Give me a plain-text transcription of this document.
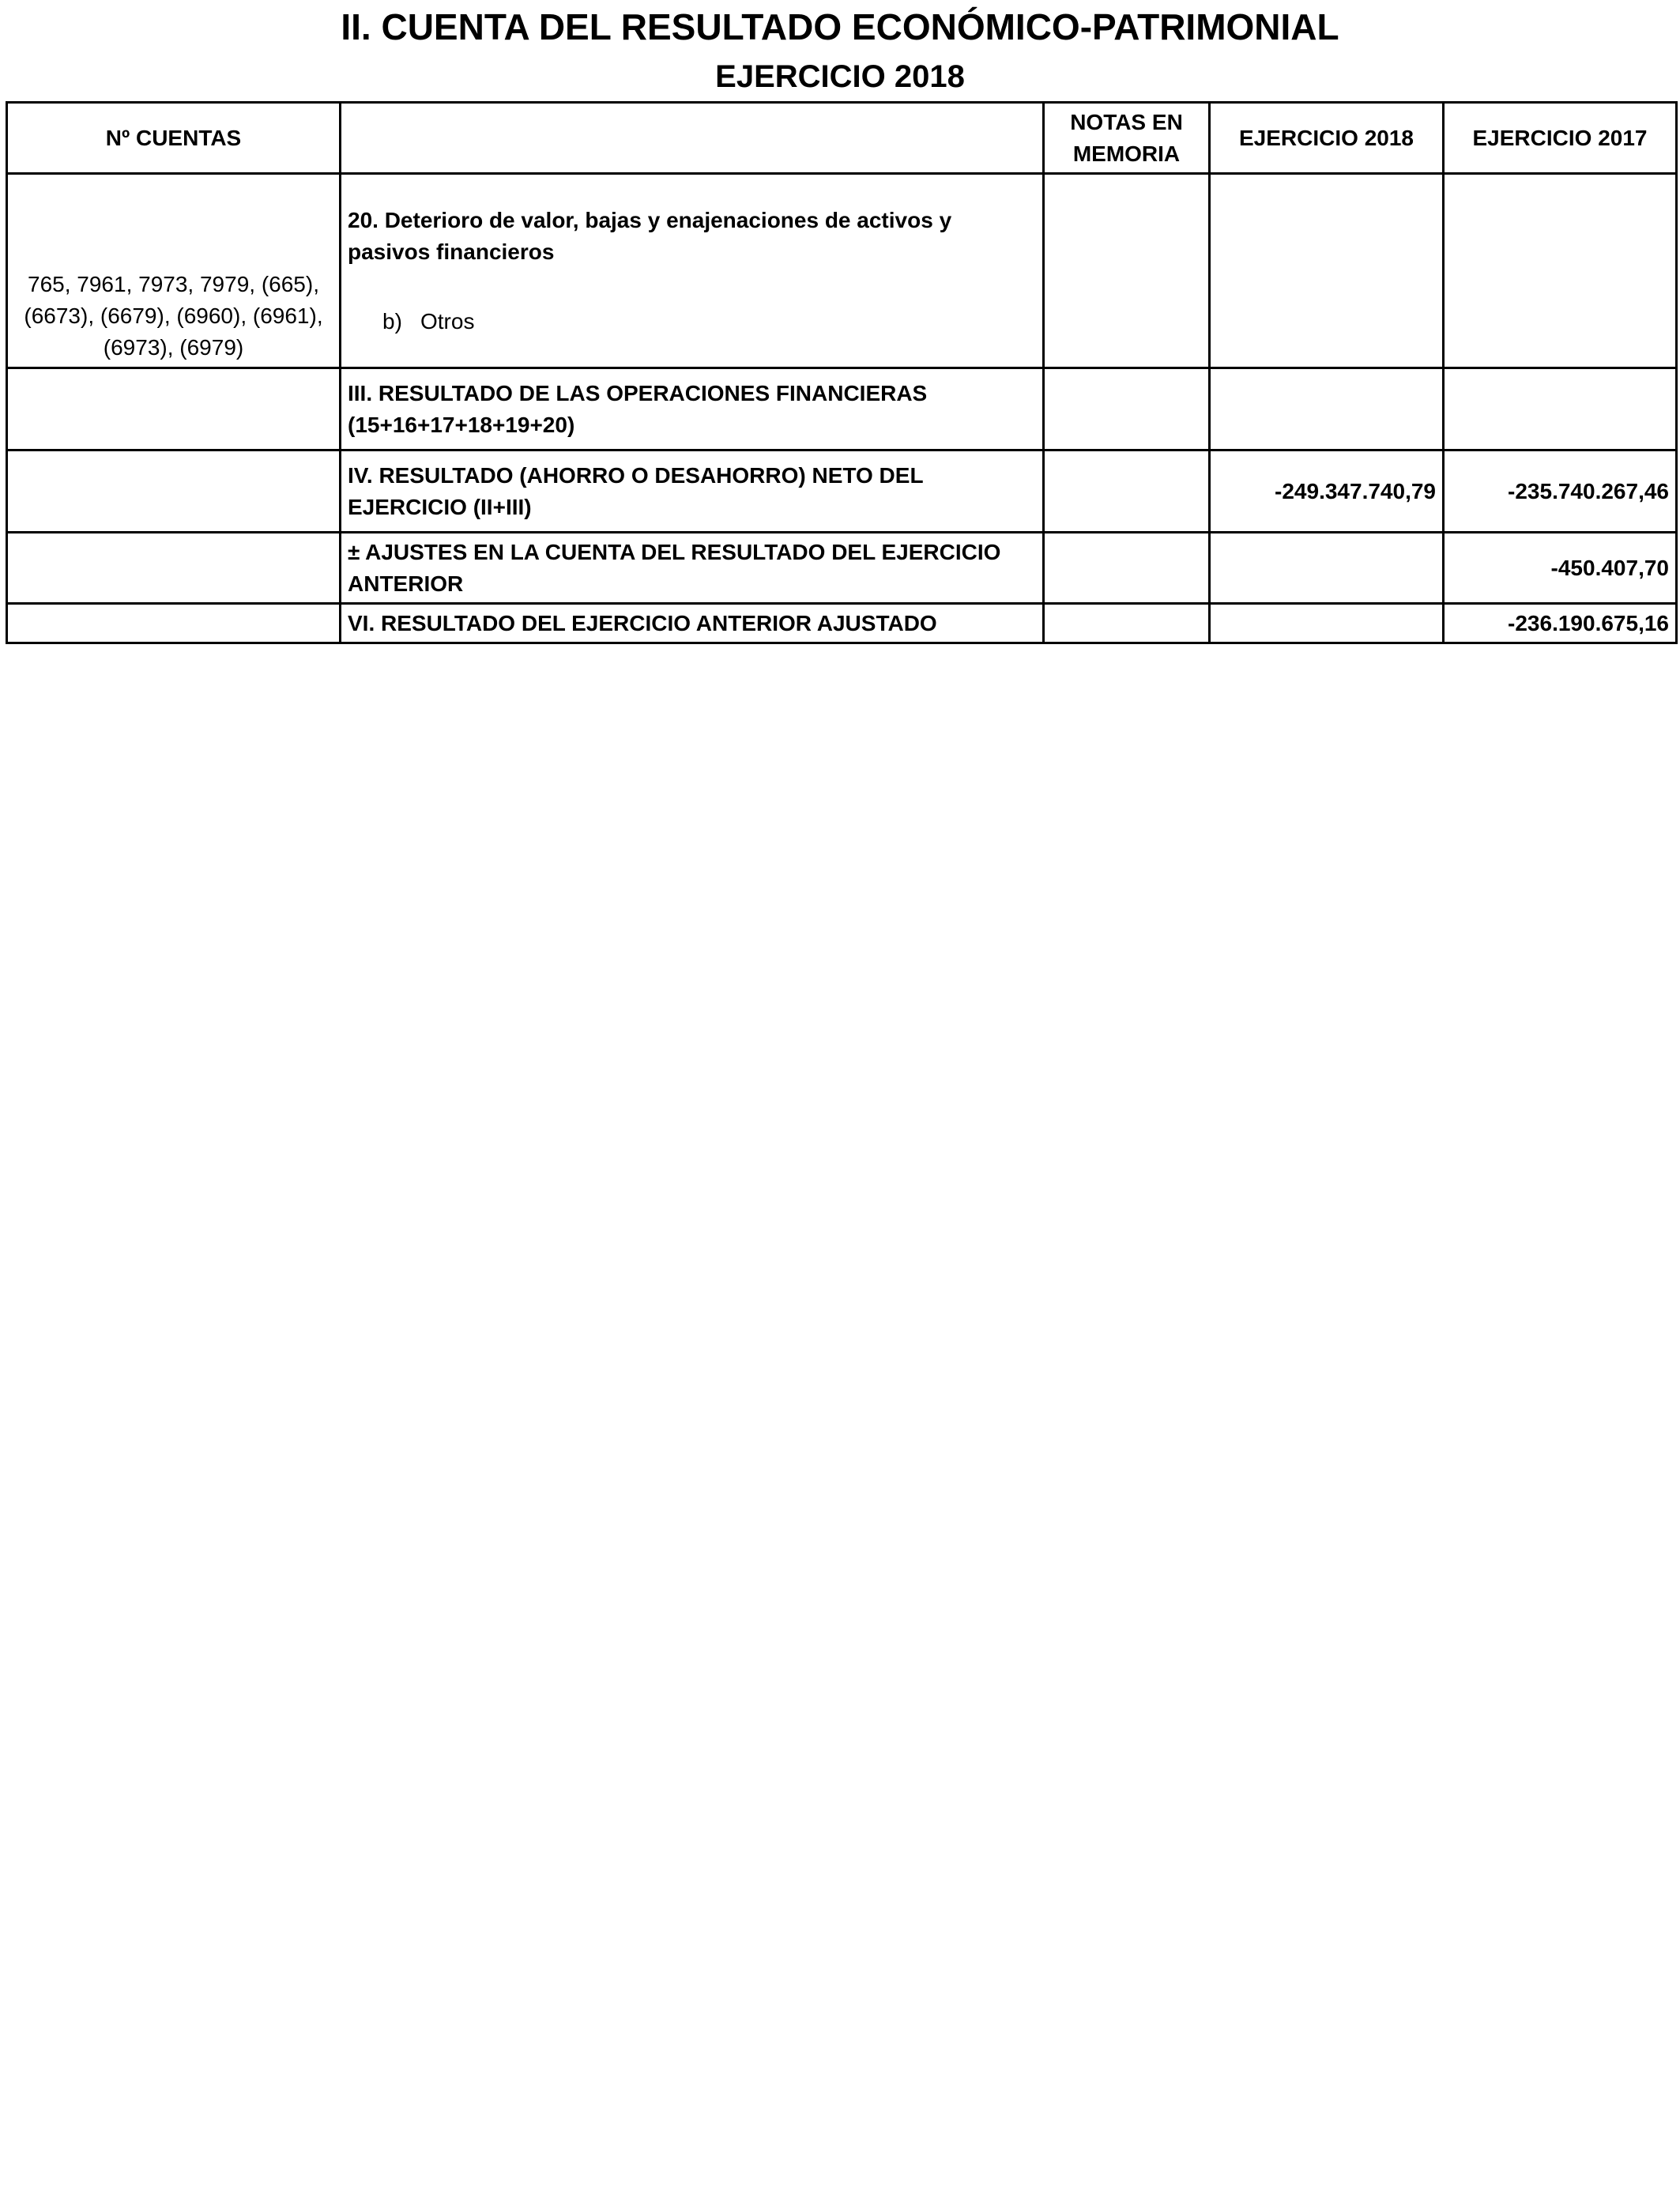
II. CUENTA DEL RESULTADO ECONÓMICO-PATRIMONIAL
EJERCICIO 2018
Nº CUENTAS		NOTAS EN MEMORIA	EJERCICIO 2018	EJERCICIO 2017
765, 7961, 7973, 7979, (665), (6673), (6679), (6960), (6961), (6973), (6979)	20. Deterioro de valor, bajas y enajenaciones de activos y pasivos financieros
b) Otros			

	III. RESULTADO DE LAS OPERACIONES FINANCIERAS (15+16+17+18+19+20)			
	IV. RESULTADO (AHORRO O DESAHORRO) NETO DEL EJERCICIO (II+III)		-249.347.740,79	-235.740.267,46
	± AJUSTES EN LA CUENTA DEL RESULTADO DEL EJERCICIO ANTERIOR			-450.407,70
	VI. RESULTADO DEL EJERCICIO ANTERIOR AJUSTADO			-236.190.675,16
